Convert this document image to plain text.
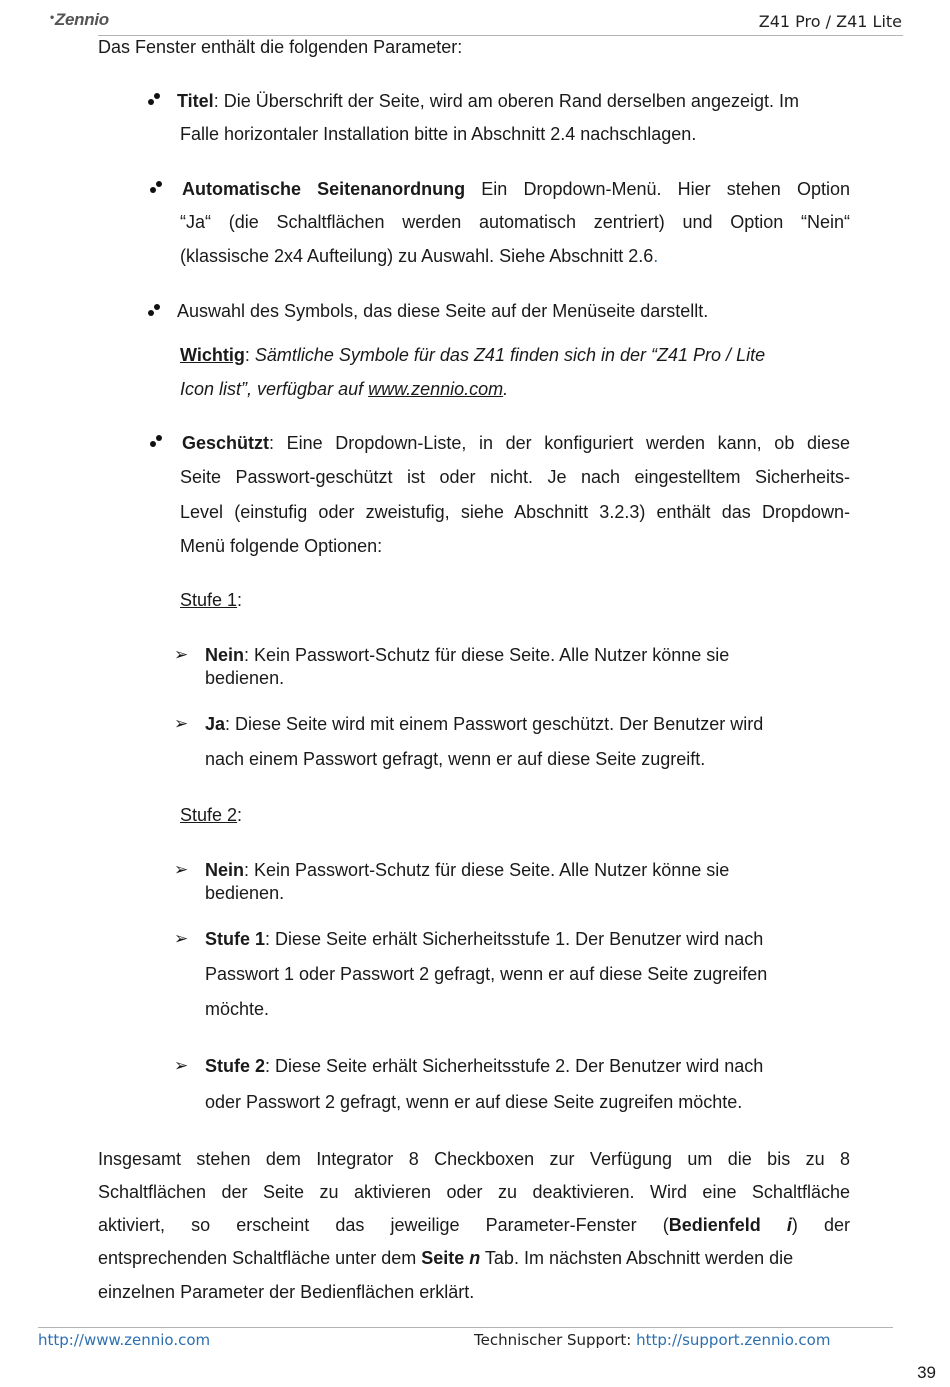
•Zennio	Z41 Pro / Z41 Lite
Das Fenster enthält die folgenden Parameter:
Titel: Die Überschrift der Seite, wird am oberen Rand derselben angezeigt. Im
Falle horizontaler Installation bitte in Abschnitt 2.4 nachschlagen.
Automatische Seitenanordnung Ein Dropdown-Menü. Hier stehen Option
“Ja“ (die Schaltflächen werden automatisch zentriert) und Option “Nein“
(klassische 2x4 Aufteilung) zu Auswahl. Siehe Abschnitt 2.6.
Auswahl des Symbols, das diese Seite auf der Menüseite darstellt.
Wichtig: Sämtliche Symbole für das Z41 finden sich in der “Z41 Pro / Lite
Icon list”, verfügbar auf www.zennio.com.
Geschützt: Eine Dropdown-Liste, in der konfiguriert werden kann, ob diese
Seite Passwort-geschützt ist oder nicht. Je nach eingestelltem Sicherheits-
Level (einstufig oder zweistufig, siehe Abschnitt 3.2.3) enthält das Dropdown-
Menü folgende Optionen:
Stufe 1:
➢ Nein: Kein Passwort-Schutz für diese Seite. Alle Nutzer könne sie
bedienen.
➢ Ja: Diese Seite wird mit einem Passwort geschützt. Der Benutzer wird
nach einem Passwort gefragt, wenn er auf diese Seite zugreift.
Stufe 2:
➢ Nein: Kein Passwort-Schutz für diese Seite. Alle Nutzer könne sie
bedienen.
➢ Stufe 1: Diese Seite erhält Sicherheitsstufe 1. Der Benutzer wird nach
Passwort 1 oder Passwort 2 gefragt, wenn er auf diese Seite zugreifen
möchte.
➢ Stufe 2: Diese Seite erhält Sicherheitsstufe 2. Der Benutzer wird nach
oder Passwort 2 gefragt, wenn er auf diese Seite zugreifen möchte.
Insgesamt stehen dem Integrator 8 Checkboxen zur Verfügung um die bis zu 8
Schaltflächen der Seite zu aktivieren oder zu deaktivieren. Wird eine Schaltfläche
aktiviert, so erscheint das jeweilige Parameter-Fenster (Bedienfeld i) der
entsprechenden Schaltfläche unter dem Seite n Tab. Im nächsten Abschnitt werden die
einzelnen Parameter der Bedienflächen erklärt.
http://www.zennio.com	Technischer Support: http://support.zennio.com
39
